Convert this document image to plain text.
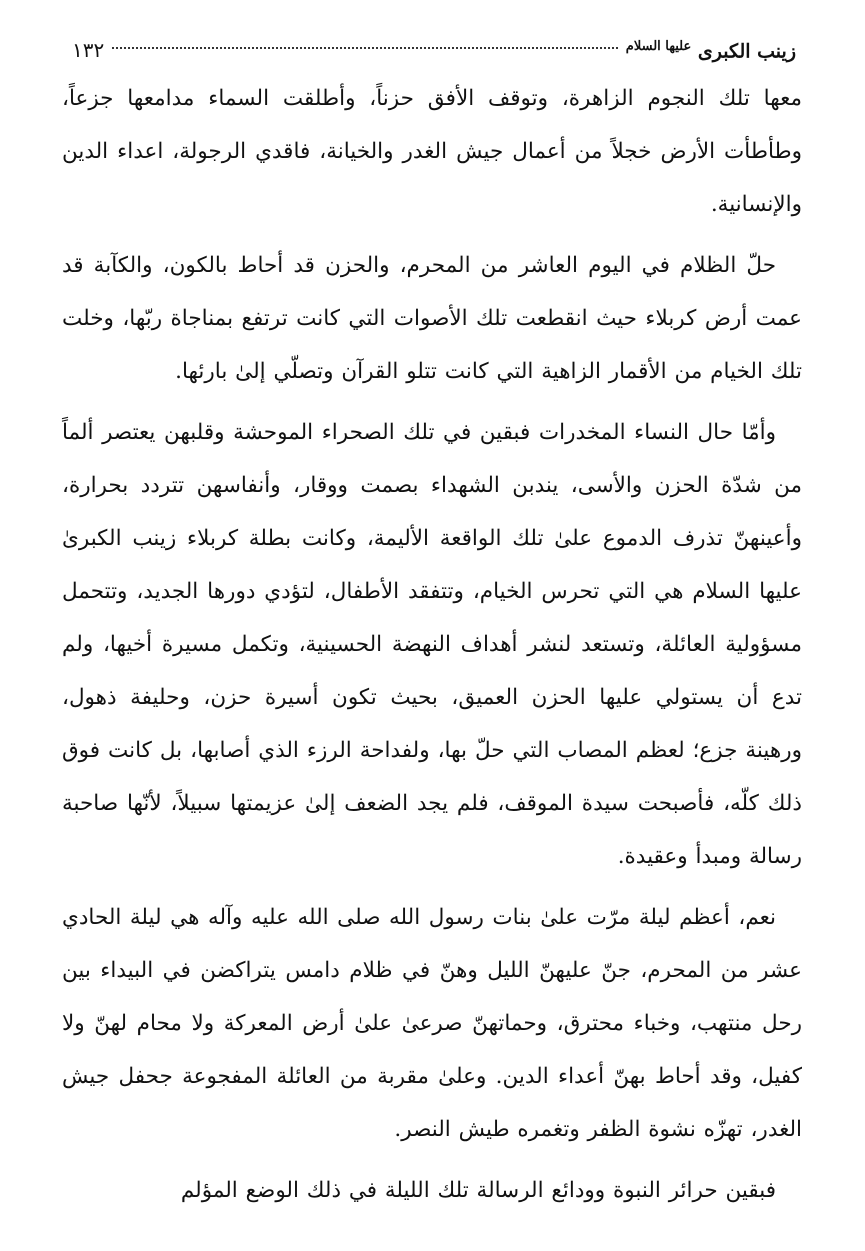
زينب الكبرى $^{عليها السلام}$
١٣٢

معها تلك النجوم الزاهرة، وتوقف الأفق حزناً، وأطلقت السماء مدامعها جزعاً، وطأطأت الأرض خجلاً من أعمال جيش الغدر والخيانة، فاقدي الرجولة، اعداء الدين والإنسانية.

حلّ الظلام في اليوم العاشر من المحرم، والحزن قد أحاط بالكون، والكآبة قد عمت أرض كربلاء حيث انقطعت تلك الأصوات التي كانت ترتفع بمناجاة ربّها، وخلت تلك الخيام من الأقمار الزاهية التي كانت تتلو القرآن وتصلّي إلىٰ بارئها.

وأمّا حال النساء المخدرات فبقين في تلك الصحراء الموحشة وقلبهن يعتصر ألماً من شدّة الحزن والأسى، يندبن الشهداء بصمت ووقار، وأنفاسهن تتردد بحرارة، وأعينهنّ تذرف الدموع علىٰ تلك الواقعة الأليمة، وكانت بطلة كربلاء زينب الكبرىٰ عليها السلام هي التي تحرس الخيام، وتتفقد الأطفال، لتؤدي دورها الجديد، وتتحمل مسؤولية العائلة، وتستعد لنشر أهداف النهضة الحسينية، وتكمل مسيرة أخيها، ولم تدع أن يستولي عليها الحزن العميق، بحيث تكون أسيرة حزن، وحليفة ذهول، ورهينة جزع؛ لعظم المصاب التي حلّ بها، ولفداحة الرزء الذي أصابها، بل كانت فوق ذلك كلّه، فأصبحت سيدة الموقف، فلم يجد الضعف إلىٰ عزيمتها سبيلاً، لأنّها صاحبة رسالة ومبدأ وعقيدة.

نعم، أعظم ليلة مرّت علىٰ بنات رسول الله صلى الله عليه وآله هي ليلة الحادي عشر من المحرم، جنّ عليهنّ الليل وهنّ في ظلام دامس يتراكضن في البيداء بين رحل منتهب، وخباء محترق، وحماتهنّ صرعىٰ علىٰ أرض المعركة ولا محام لهنّ ولا كفيل، وقد أحاط بهنّ أعداء الدين. وعلىٰ مقربة من العائلة المفجوعة جحفل جيش الغدر، تهزّه نشوة الظفر وتغمره طيش النصر.

فبقين حرائر النبوة وودائع الرسالة تلك الليلة في ذلك الوضع المؤلم
